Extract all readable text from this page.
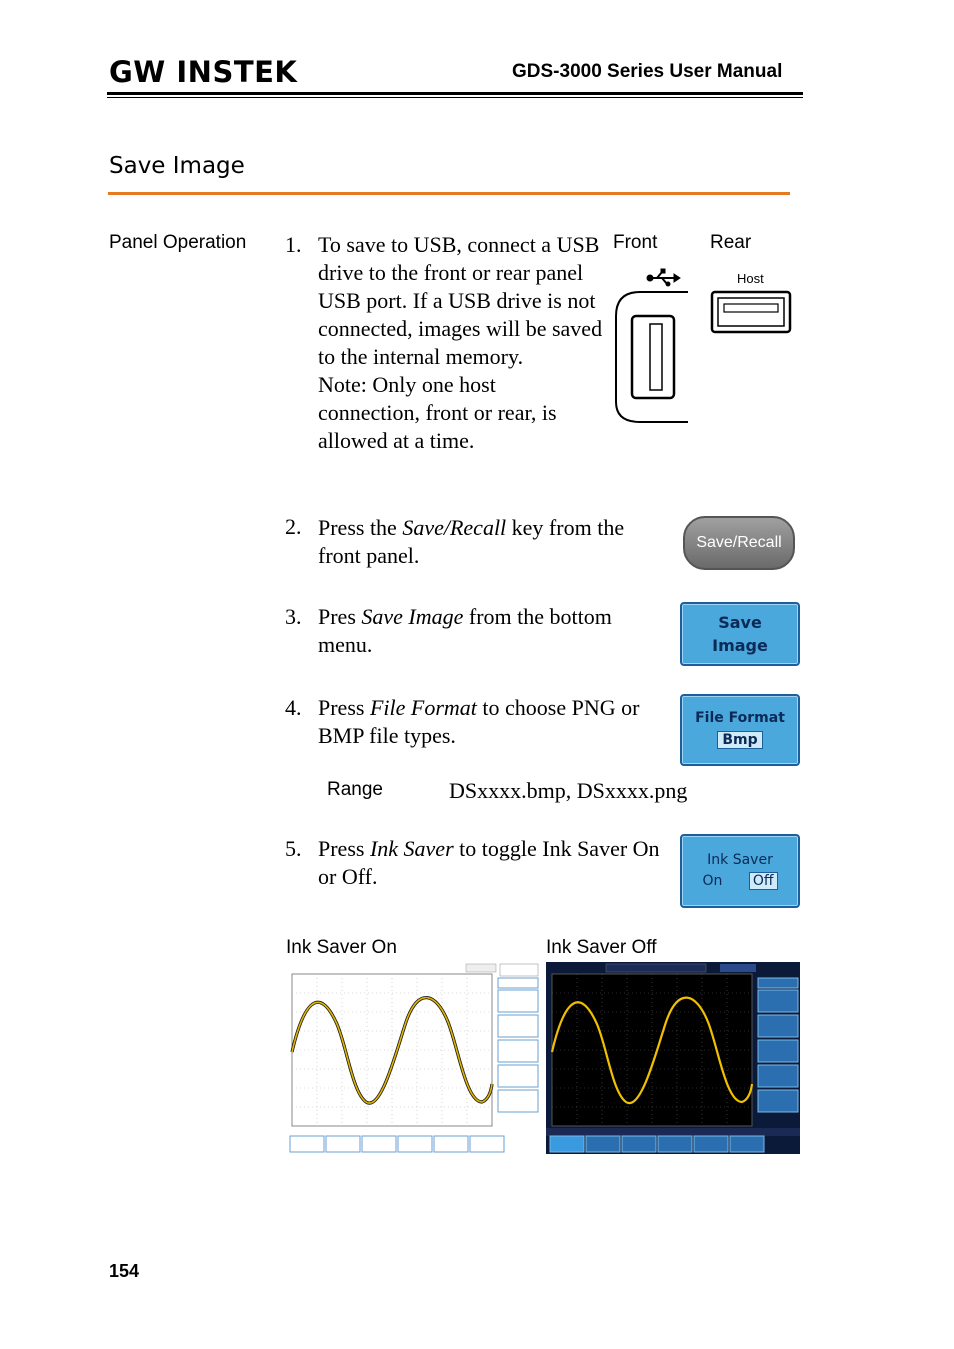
GW INSTEK	GDS-3000 Series User Manual
Save Image
Panel Operation 1. To save to USB, connect a USB drive to the front or rear panel USB port. If a USB drive is not connected, images will be saved to the internal memory.
Note: Only one host connection, front or rear, is allowed at a time.
Front	Rear
Host
2. Press the Save/Recall key from the front panel.
Save/Recall
3. Pres Save Image from the bottom menu.
Save
Image
4. Press File Format to choose PNG or BMP file types.
File Format
Bmp
Range	DSxxxx.bmp, DSxxxx.png
5. Press Ink Saver to toggle Ink Saver On or Off.
Ink Saver
On Off
Ink Saver On	Ink Saver Off
154
